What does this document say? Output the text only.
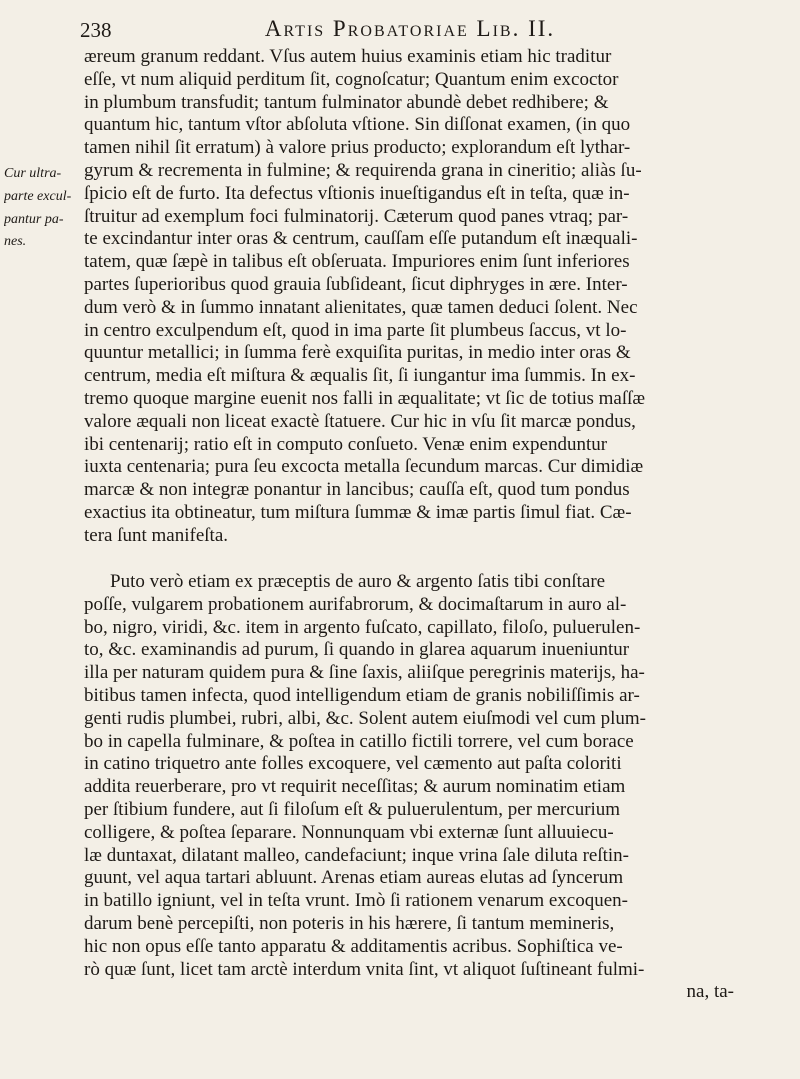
238	Artis Probatoriae Lib. II.
Cur ultra-
parte excul-
pantur pa-
nes.
æreum granum reddant. Vſus autem huius examinis etiam hic traditur
eſſe, vt num aliquid perditum ſit, cognoſcatur; Quantum enim excoctor
in plumbum transfudit; tantum fulminator abundè debet redhibere; &
quantum hic, tantum vſtor abſoluta vſtione. Sin diſſonat examen, (in quo
tamen nihil ſit erratum) à valore prius producto; explorandum eſt lythar-
gyrum & recrementa in fulmine; & requirenda grana in cineritio; aliàs ſu-
ſpicio eſt de furto. Ita defectus vſtionis inueſtigandus eſt in teſta, quæ in-
ſtruitur ad exemplum foci fulminatorij. Cæterum quod panes vtraq; par-
te excindantur inter oras & centrum, cauſſam eſſe putandum eſt inæquali-
tatem, quæ ſæpè in talibus eſt obſeruata. Impuriores enim ſunt inferiores
partes ſuperioribus quod grauia ſubſideant, ſicut diphryges in ære. Inter-
dum verò & in ſummo innatant alienitates, quæ tamen deduci ſolent. Nec
in centro exculpendum eſt, quod in ima parte ſit plumbeus ſaccus, vt lo-
quuntur metallici; in ſumma ferè exquiſita puritas, in medio inter oras &
centrum, media eſt miſtura & æqualis ſit, ſi iungantur ima ſummis. In ex-
tremo quoque margine euenit nos falli in æqualitate; vt ſic de totius maſſæ
valore æquali non liceat exactè ſtatuere. Cur hic in vſu ſit marcæ pondus,
ibi centenarij; ratio eſt in computo conſueto. Venæ enim expenduntur
iuxta centenaria; pura ſeu excocta metalla ſecundum marcas. Cur dimidiæ
marcæ & non integræ ponantur in lancibus; cauſſa eſt, quod tum pondus
exactius ita obtineatur, tum miſtura ſummæ & imæ partis ſimul fiat. Cæ-
tera ſunt manifeſta.
Puto verò etiam ex præceptis de auro & argento ſatis tibi conſtare
poſſe, vulgarem probationem aurifabrorum, & docimaſtarum in auro al-
bo, nigro, viridi, &c. item in argento fuſcato, capillato, filoſo, puluerulen-
to, &c. examinandis ad purum, ſi quando in glarea aquarum inueniuntur
illa per naturam quidem pura & ſine ſaxis, aliiſque peregrinis materijs, ha-
bitibus tamen infecta, quod intelligendum etiam de granis nobiliſſimis ar-
genti rudis plumbei, rubri, albi, &c. Solent autem eiuſmodi vel cum plum-
bo in capella fulminare, & poſtea in catillo fictili torrere, vel cum borace
in catino triquetro ante folles excoquere, vel cæmento aut paſta coloriti
addita reuerberare, pro vt requirit neceſſitas; & aurum nominatim etiam
per ſtibium fundere, aut ſi filoſum eſt & puluerulentum, per mercurium
colligere, & poſtea ſeparare. Nonnunquam vbi externæ ſunt alluuiecu-
læ duntaxat, dilatant malleo, candefaciunt; inque vrina ſale diluta reſtin-
guunt, vel aqua tartari abluunt. Arenas etiam aureas elutas ad ſyncerum
in batillo igniunt, vel in teſta vrunt. Imò ſi rationem venarum excoquen-
darum benè percepiſti, non poteris in his hærere, ſi tantum memineris,
hic non opus eſſe tanto apparatu & additamentis acribus. Sophiſtica ve-
rò quæ ſunt, licet tam arctè interdum vnita ſint, vt aliquot ſuſtineant fulmi-
na, ta-
